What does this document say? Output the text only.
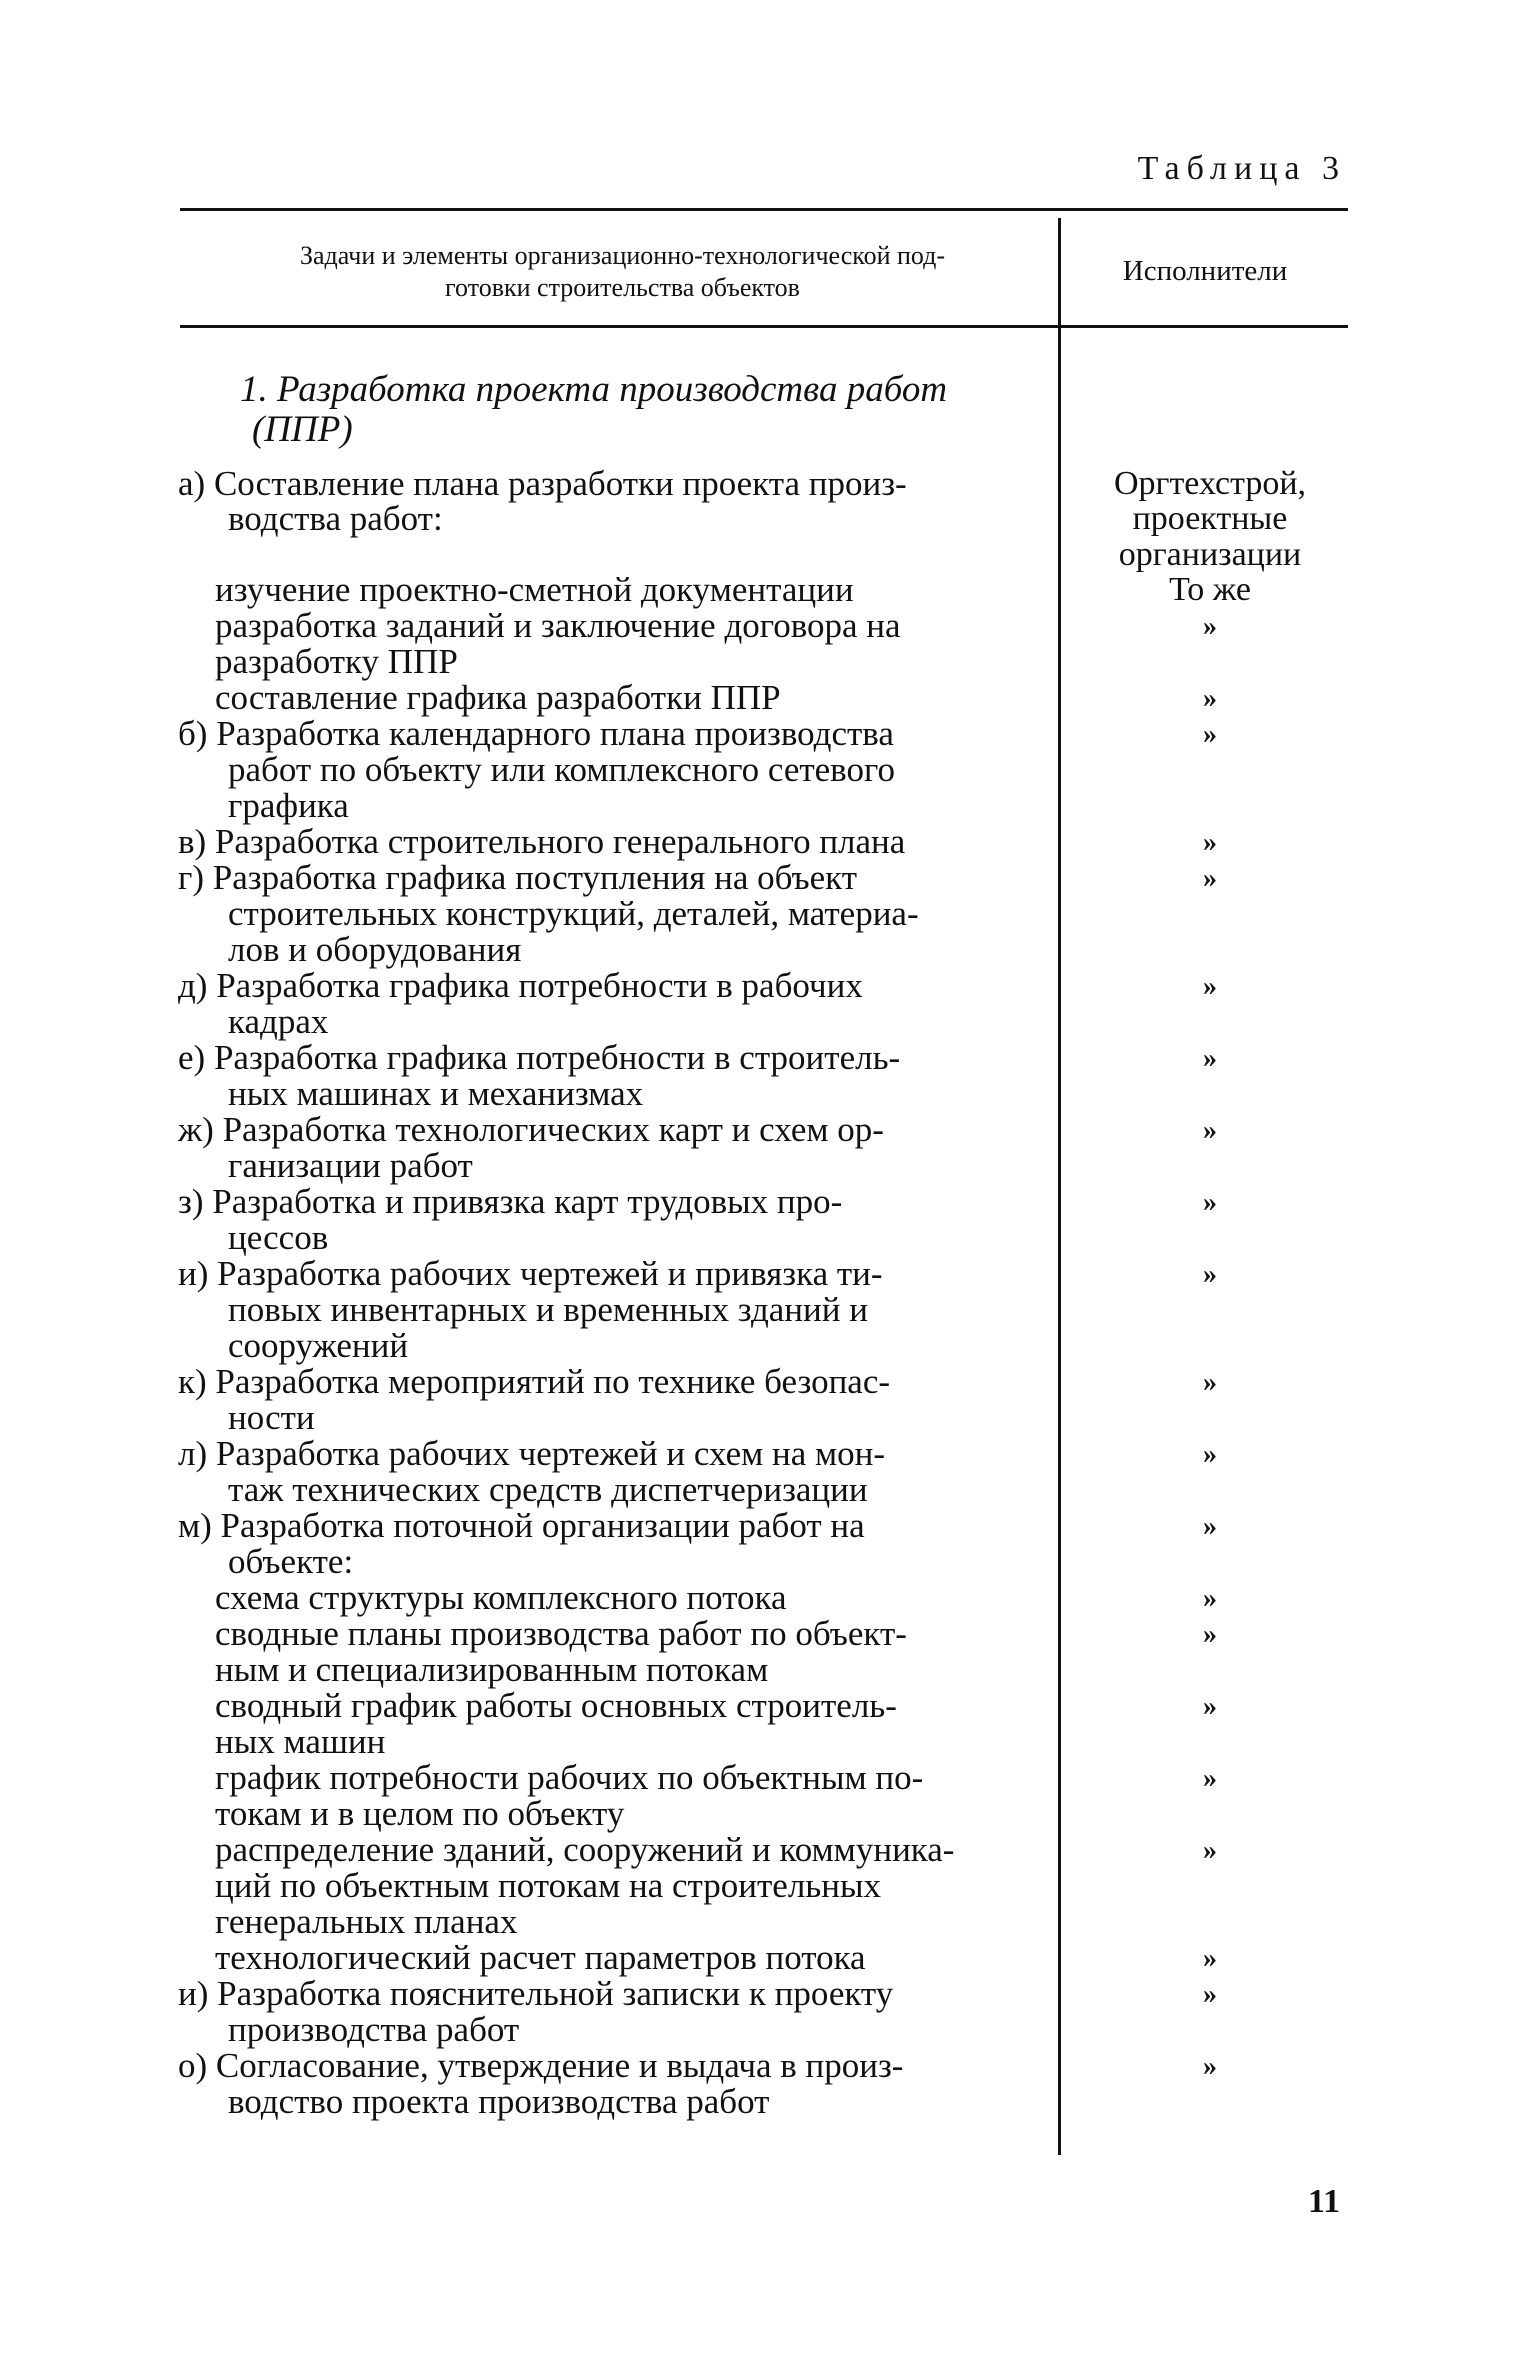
Таблица 3
Задачи и элементы организационно-технологической под-
готовки строительства объектов
Исполнители
1. Разработка проекта производства работ
(ППР)
а) Составление плана разработки проекта произ-
водства работ:
изучение проектно-сметной документации
разработка заданий и заключение договора на
разработку ППР
составление графика разработки ППР
б) Разработка календарного плана производства
работ по объекту или комплексного сетевого
графика
в) Разработка строительного генерального плана
г) Разработка графика поступления на объект
строительных конструкций, деталей, материа-
лов и оборудования
д) Разработка графика потребности в рабочих
кадрах
е) Разработка графика потребности в строитель-
ных машинах и механизмах
ж) Разработка технологических карт и схем ор-
ганизации работ
з) Разработка и привязка карт трудовых про-
цессов
и) Разработка рабочих чертежей и привязка ти-
повых инвентарных и временных зданий и
сооружений
к) Разработка мероприятий по технике безопас-
ности
л) Разработка рабочих чертежей и схем на мон-
таж технических средств диспетчеризации
м) Разработка поточной организации работ на
объекте:
схема структуры комплексного потока
сводные планы производства работ по объект-
ным и специализированным потокам
сводный график работы основных строитель-
ных машин
график потребности рабочих по объектным по-
токам и в целом по объекту
распределение зданий, сооружений и коммуника-
ций по объектным потокам на строительных
генеральных планах
технологический расчет параметров потока
и) Разработка пояснительной записки к проекту
производства работ
о) Согласование, утверждение и выдача в произ-
водство проекта производства работ
Оргтехстрой,
проектные
организации
То же
»
»
»
»
»
»
»
»
»
»
»
»
»
»
»
»
»
»
»
»
»
11
